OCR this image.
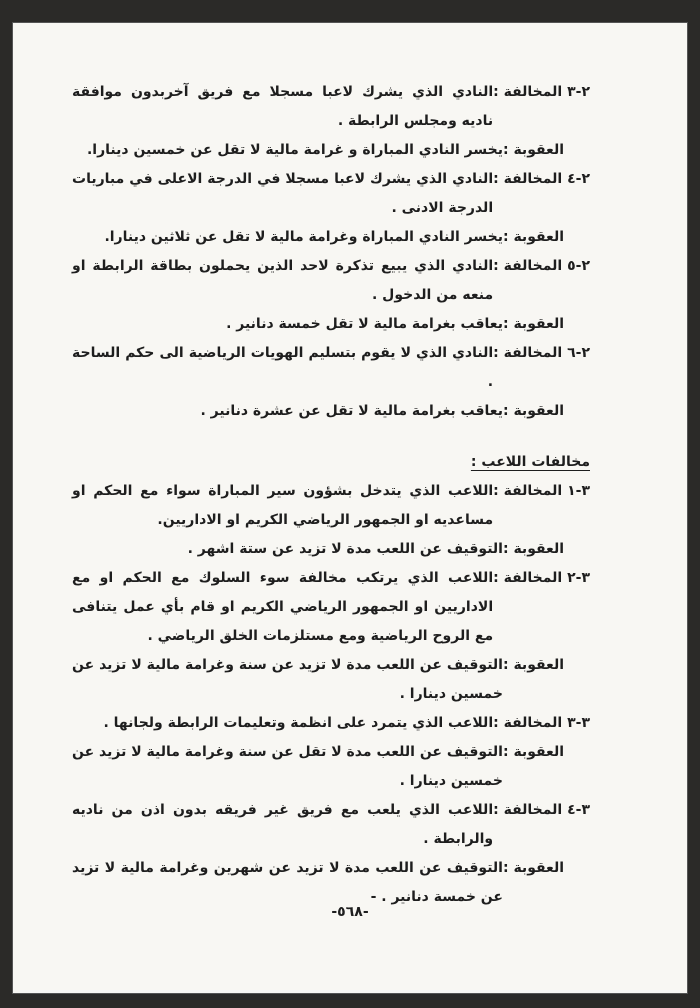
٢-٣ المخالفة :
النادي الذي يشرك لاعبا مسجلا مع فريق آخربدون موافقة ناديه ومجلس الرابطة .
العقوبة :
يخسر النادي المباراة و غرامة مالية لا تقل عن خمسين دينارا.
٢-٤ المخالفة :
النادي الذي يشرك لاعبا مسجلا في الدرجة الاعلى في مباريات الدرجة الادنى .
العقوبة :
يخسر النادي المباراة وغرامة مالية لا تقل عن ثلاثين دينارا.
٢-٥ المخالفة :
النادي الذي يبيع تذكرة لاحد الذين يحملون بطاقة الرابطة او منعه من الدخول .
العقوبة :
يعاقب بغرامة مالية لا تقل خمسة دنانير .
٢-٦ المخالفة :
النادي الذي لا يقوم بتسليم الهويات الرياضية الى حكم الساحة .
العقوبة :
يعاقب بغرامة مالية لا تقل عن عشرة دنانير .
مخالفات اللاعب :
٣-١ المخالفة :
اللاعب الذي يتدخل بشؤون سير المباراة سواء مع الحكم او مساعديه او الجمهور الرياضي الكريم او الاداريين.
العقوبة :
التوقيف عن اللعب مدة لا تزيد عن ستة اشهر .
٣-٢ المخالفة :
اللاعب الذي يرتكب مخالفة سوء السلوك مع الحكم او مع الاداريين او الجمهور الرياضي الكريم او قام بأي عمل يتنافى مع الروح الرياضية ومع مستلزمات الخلق الرياضي .
العقوبة :
التوقيف عن اللعب مدة لا تزيد عن سنة وغرامة مالية لا تزيد عن خمسين دينارا .
٣-٣ المخالفة :
اللاعب الذي يتمرد على انظمة وتعليمات الرابطة ولجانها .
العقوبة :
التوقيف عن اللعب مدة لا تقل عن سنة وغرامة مالية لا تزيد عن خمسين دينارا .
٣-٤ المخالفة :
اللاعب الذي يلعب مع فريق غير فريقه بدون اذن من ناديه والرابطة .
العقوبة :
التوقيف عن اللعب مدة لا تزيد عن شهرين وغرامة مالية لا تزيد عن خمسة دنانير . -
-٥٦٨-
